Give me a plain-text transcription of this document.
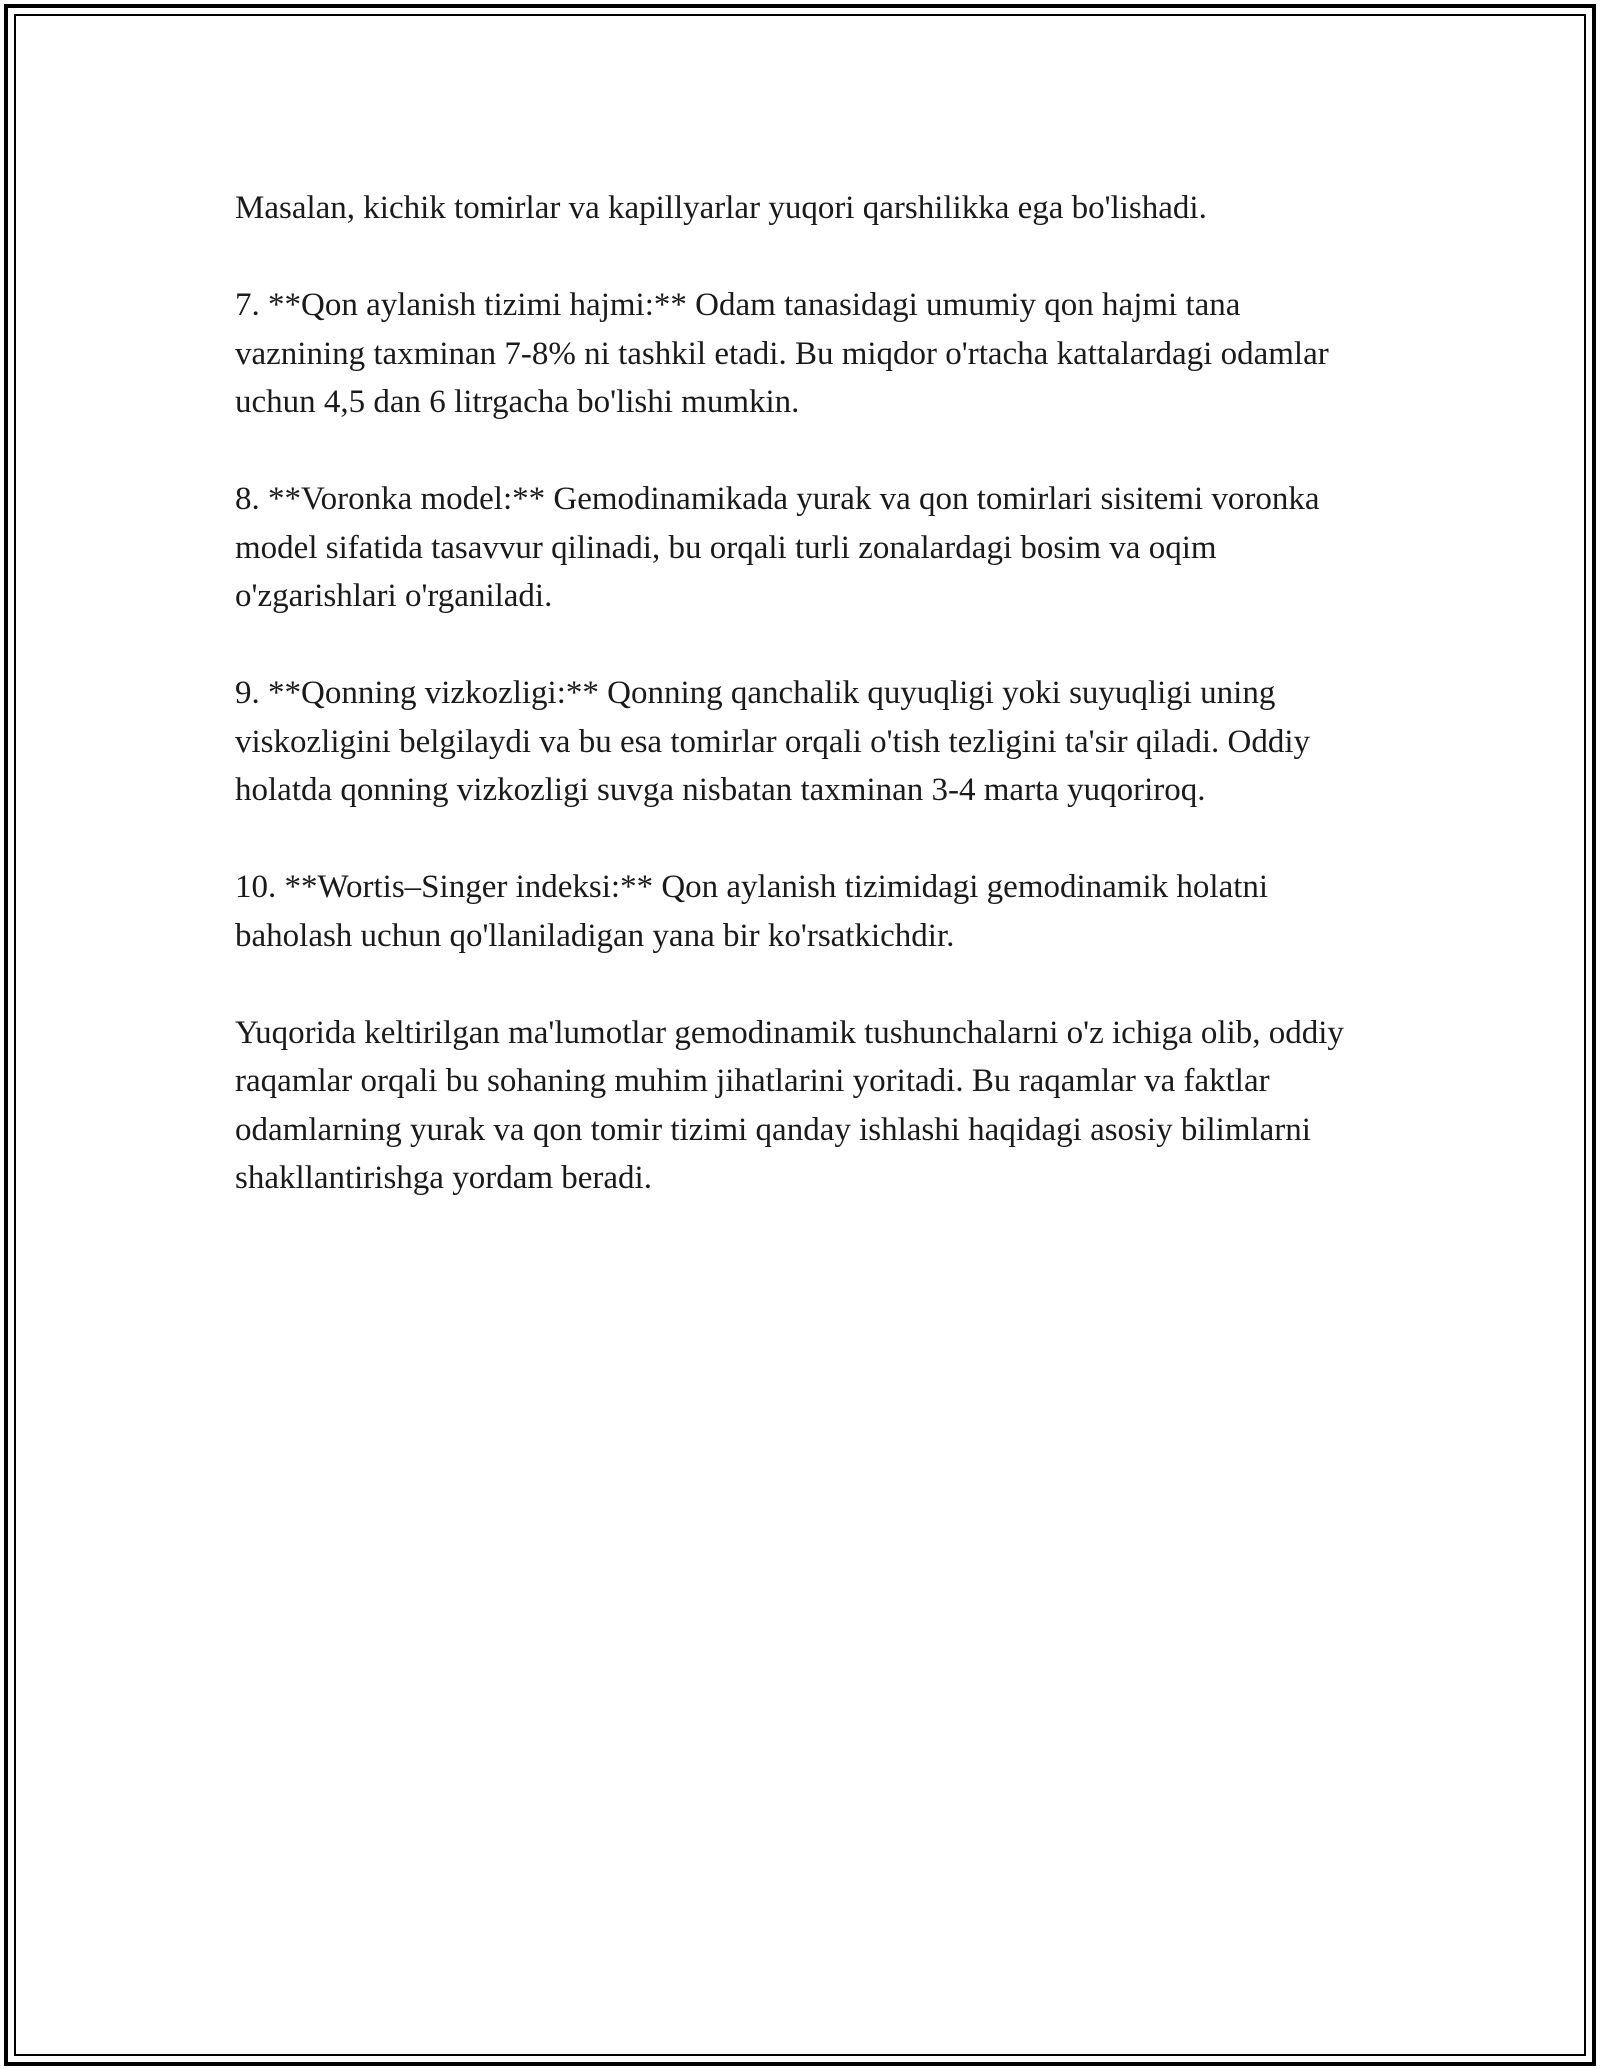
Masalan, kichik tomirlar va kapillyarlar yuqori qarshilikka ega bo'lishadi.

7. **Qon aylanish tizimi hajmi:** Odam tanasidagi umumiy qon hajmi tana vaznining taxminan 7-8% ni tashkil etadi. Bu miqdor o'rtacha kattalardagi odamlar uchun 4,5 dan 6 litrgacha bo'lishi mumkin.

8. **Voronka model:** Gemodinamikada yurak va qon tomirlari sisitemi voronka model sifatida tasavvur qilinadi, bu orqali turli zonalardagi bosim va oqim o'zgarishlari o'rganiladi.

9. **Qonning vizkozligi:** Qonning qanchalik quyuqligi yoki suyuqligi uning viskozligini belgilaydi va bu esa tomirlar orqali o'tish tezligini ta'sir qiladi. Oddiy holatda qonning vizkozligi suvga nisbatan taxminan 3-4 marta yuqoriroq.

10. **Wortis–Singer indeksi:** Qon aylanish tizimidagi gemodinamik holatni baholash uchun qo'llaniladigan yana bir ko'rsatkichdir.

Yuqorida keltirilgan ma'lumotlar gemodinamik tushunchalarni o'z ichiga olib, oddiy raqamlar orqali bu sohaning muhim jihatlarini yoritadi. Bu raqamlar va faktlar odamlarning yurak va qon tomir tizimi qanday ishlashi haqidagi asosiy bilimlarni shakllantirishga yordam beradi.
